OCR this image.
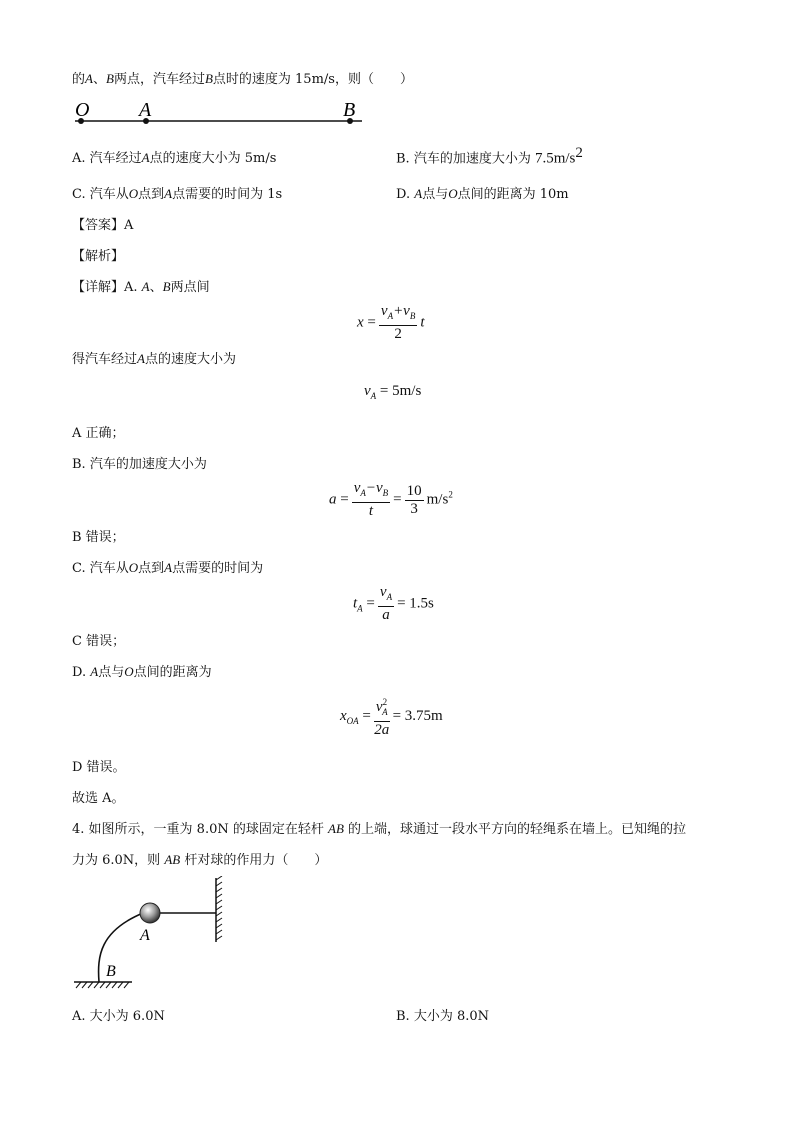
的A、B两点，汽车经过B点时的速度为 15m/s，则（　　）
O A	B
A. 汽车经过A点的速度大小为 5m/s	B. 汽车的加速度大小为 $7.5m/s^2$
C. 汽车从O点到A点需要的时间为 1s	D. A点与O点间的距离为 10m
【答案】A
【解析】
【详解】A. A、B两点间
$x = \frac{v_A+v_B}{2}$ t
得汽车经过A点的速度大小为
$v_A = 5m/s$
A 正确；
B. 汽车的加速度大小为
$a = \frac{v_A-v_B}{t} = \frac{10}{3} m/s^2$
B 错误；
C. 汽车从O点到A点需要的时间为
$t_A = \frac{v_A}{a} = 1.5s$
C 错误；
D. A点与O点间的距离为
$x_{OA} = \frac{v^2_A}{2a} = 3.75m$
D 错误。
故选 A。
4. 如图所示，一重为 8.0N 的球固定在轻杆 AB 的上端，球通过一段水平方向的轻绳系在墙上。已知绳的拉
力为 6.0N，则 AB 杆对球的作用力（　　）
A
B
A. 大小为 6.0N	B. 大小为 8.0N
